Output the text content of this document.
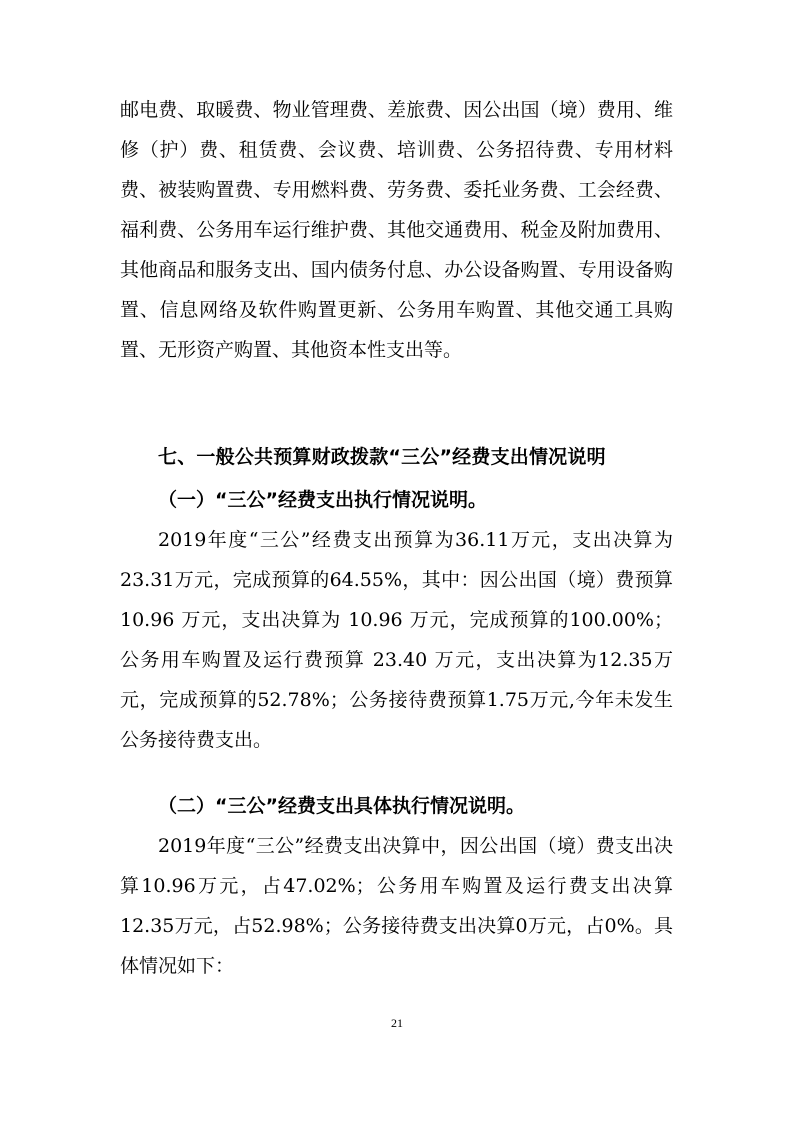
邮电费、取暖费、物业管理费、差旅费、因公出国（境）费用、维修（护）费、租赁费、会议费、培训费、公务招待费、专用材料费、被装购置费、专用燃料费、劳务费、委托业务费、工会经费、福利费、公务用车运行维护费、其他交通费用、税金及附加费用、其他商品和服务支出、国内债务付息、办公设备购置、专用设备购置、信息网络及软件购置更新、公务用车购置、其他交通工具购置、无形资产购置、其他资本性支出等。

七、一般公共预算财政拨款“三公”经费支出情况说明
（一）“三公”经费支出执行情况说明。

2019年度“三公”经费支出预算为36.11万元，支出决算为23.31万元，完成预算的64.55%，其中：因公出国（境）费预算 10.96 万元，支出决算为 10.96 万元，完成预算的100.00%；公务用车购置及运行费预算 23.40 万元，支出决算为12.35万元，完成预算的52.78%；公务接待费预算1.75万元,今年未发生公务接待费支出。

（二）“三公”经费支出具体执行情况说明。

2019年度“三公”经费支出决算中，因公出国（境）费支出决算10.96万元，占47.02%；公务用车购置及运行费支出决算12.35万元，占52.98%；公务接待费支出决算0万元，占0%。具体情况如下：

21
